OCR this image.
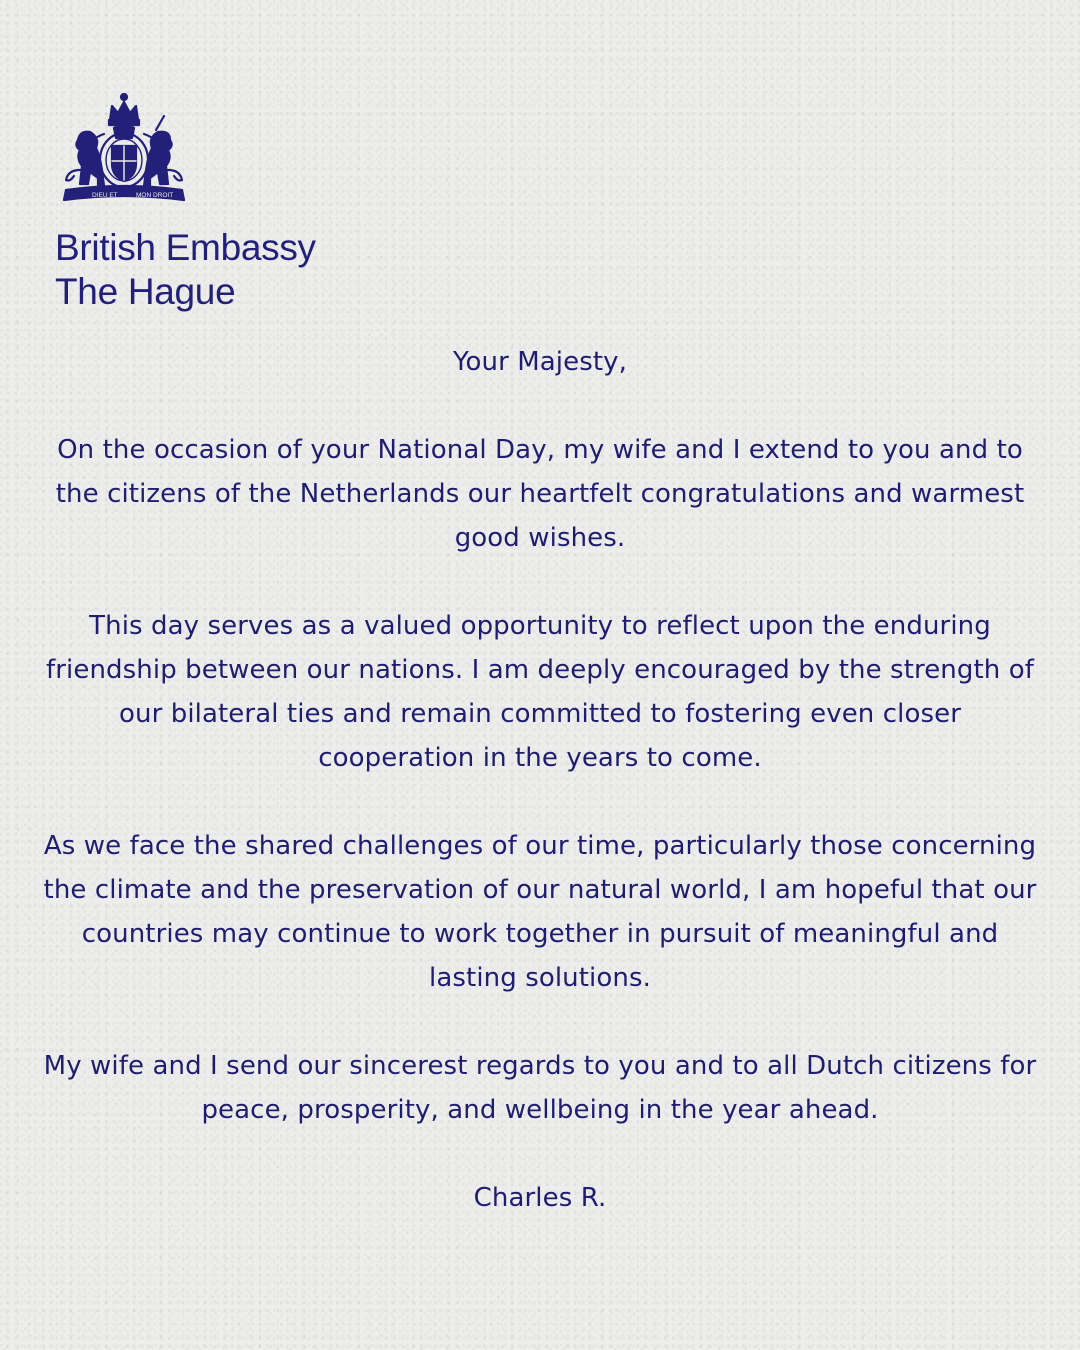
DIEU ET	MON DROIT
British Embassy
The Hague

Your Majesty,

On the occasion of your National Day, my wife and I extend to you and to the citizens of the Netherlands our heartfelt congratulations and warmest good wishes.

This day serves as a valued opportunity to reflect upon the enduring friendship between our nations. I am deeply encouraged by the strength of our bilateral ties and remain committed to fostering even closer cooperation in the years to come.

As we face the shared challenges of our time, particularly those concerning the climate and the preservation of our natural world, I am hopeful that our countries may continue to work together in pursuit of meaningful and lasting solutions.

My wife and I send our sincerest regards to you and to all Dutch citizens for peace, prosperity, and wellbeing in the year ahead.

Charles R.
